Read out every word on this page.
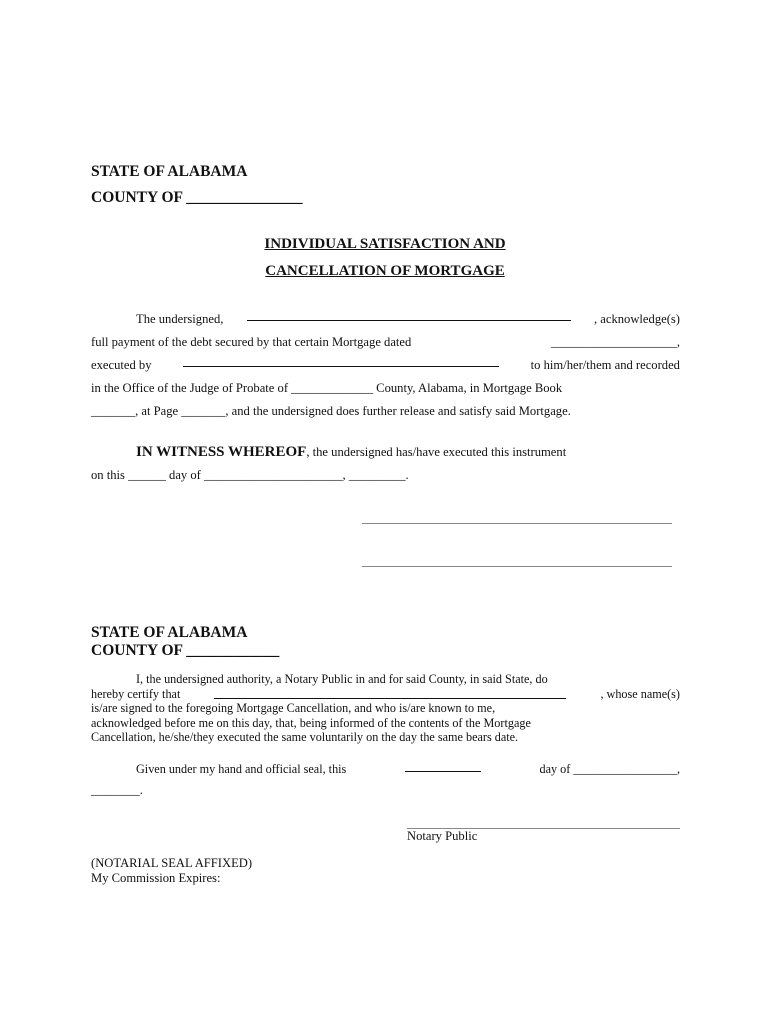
STATE OF ALABAMA
COUNTY OF _______________
INDIVIDUAL SATISFACTION AND
CANCELLATION OF MORTGAGE
The undersigned,	, acknowledge(s)
full payment of the debt secured by that certain Mortgage dated	____________________,
executed by	to him/her/them and recorded
in the Office of the Judge of Probate of _____________ County, Alabama, in Mortgage Book
_______, at Page _______, and the undersigned does further release and satisfy said Mortgage.
IN WITNESS WHEREOF, the undersigned has/have executed this instrument
on this ______ day of ______________________, _________.
STATE OF ALABAMA
COUNTY OF ____________
I, the undersigned authority, a Notary Public in and for said County, in said State, do
hereby certify that	, whose name(s)
is/are signed to the foregoing Mortgage Cancellation, and who is/are known to me,
acknowledged before me on this day, that, being informed of the contents of the Mortgage
Cancellation, he/she/they executed the same voluntarily on the day the same bears date.
Given under my hand and official seal, this	day of _________________,
________.
Notary Public
(NOTARIAL SEAL AFFIXED)
My Commission Expires:
